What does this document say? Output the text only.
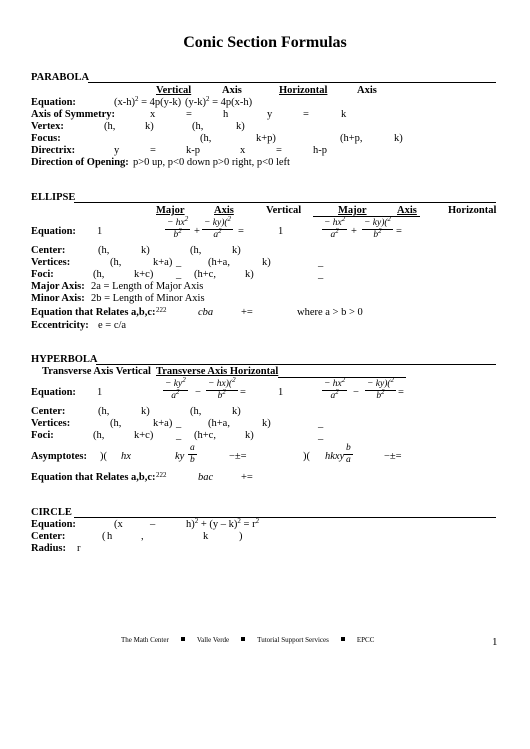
Conic Section Formulas
PARABOLA
Vertical	Axis	Horizontal	Axis
Equation:	$(x-h)^2 = 4p(y-k) (y-k)^2 = 4p(x-h)$
Axis of Symmetry:	x	=	h	y	=	k
Vertex:	(h,	k)	(h,	k)
Focus:	(h,	k+p)	(h+p,	k)
Directrix:	y	=	k-p	x	=	h-p
Direction of Opening: p>0 up, p<0 down p>0 right, p<0 left
ELLIPSE
Major	Axis	Vertical	Major	Axis	Horizontal
Equation: 1	$\frac{- hx^2}{b^2} + \frac{- ky)(^2}{a^2}$ =	1	$\frac{- hx^2}{a^2} + \frac{- ky)(^2}{b^2}$ =
Center:	(h,	k)	(h,	k)
Vertices:	(h,	k+a) _	(h+a,	k)	_
Foci:	(h,	k+c) _ (h+c,	k)	_
Major Axis: 2a = Length of Major Axis
Minor Axis: 2b = Length of Minor Axis
Equation that Relates a,b,c: 222	cba	+=	where a > b > 0
Eccentricity: e = c/a
HYPERBOLA
Transverse Axis Vertical Transverse Axis Horizontal
Equation: 1	$\frac{- ky^2}{a^2} - \frac{- hx)(^2}{b^2}$ =	1	$\frac{- hx^2}{a^2} - \frac{- ky)(^2}{b^2}$ =
Center:	(h,	k)	(h,	k)
Vertices:	(h,	k+a) _	(h+a,	k)	_
Foci:	(h,	k+c) _ (h+c,	k)	_
Asymptotes: )( hx	ky $\frac{a}{b}$	−±=	)( hkxy $\frac{b}{a}$	−±=
Equation that Relates a,b,c: 222	bac	+=
CIRCLE
Equation:	(x	–	$h)^2 + (y - k)^2 = r^2$
Center:	( h	,	k	)
Radius: r
The Math Center	Valle Verde	Tutorial Support Services	EPCC	1
